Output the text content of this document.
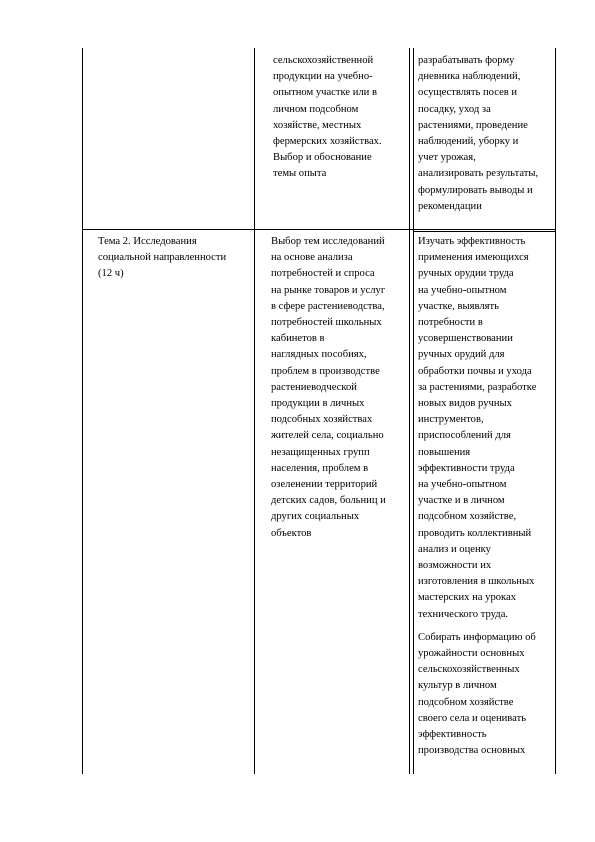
сельскохозяйственной

продукции на учебно-

опытном участке или в

личном подсобном

хозяйстве, местных

фермерских хозяйствах.

Выбор и обоснование

темы опыта

разрабатывать форму

дневника наблюдений,

осуществлять посев и

посадку, уход за

растениями, проведение

наблюдений, уборку и

учет урожая,

анализировать результаты,

формулировать выводы и

рекомендации

Тема 2. Исследования

социальной направленности

(12 ч)

Выбор тем исследований

на основе анализа

потребностей и спроса

на рынке товаров и услуг

в сфере растениеводства,

потребностей школьных

кабинетов в

наглядных пособиях,

проблем в производстве

растениеводческой

продукции в личных

подсобных хозяйствах

жителей села, социально

незащищенных групп

населения, проблем в

озеленении территорий

детских садов, больниц и

других социальных

объектов

Изучать эффективность

применения имеющихся

ручных орудии труда

на учебно-опытном

участке, выявлять

потребности в

усовершенствовании

ручных орудий для

обработки почвы и ухода

за растениями, разработке

новых видов ручных

инструментов,

приспособлений для

повышения

эффективности труда

на учебно-опытном

участке и в личном

подсобном хозяйстве,

проводить коллективный

анализ и оценку

возможности их

изготовления в школьных

мастерских на уроках

технического труда.

Собирать информацию об

урожайности основных

сельскохозяйственных

культур в личном

подсобном хозяйстве

своего села и оценивать

эффективность

производства основных
